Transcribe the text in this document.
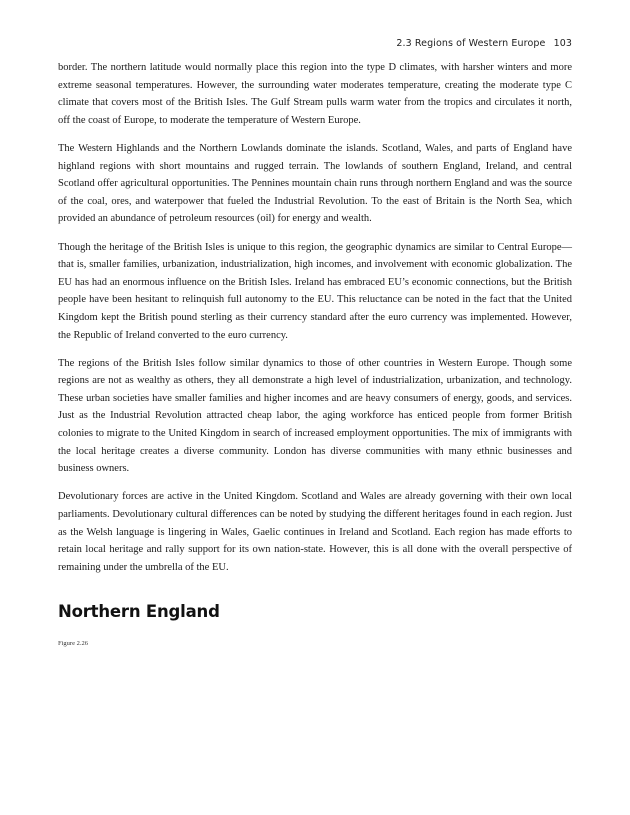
2.3 Regions of Western Europe 103

border. The northern latitude would normally place this region into the type D climates, with harsher winters and more extreme seasonal temperatures. However, the surrounding water moderates temperature, creating the moderate type C climate that covers most of the British Isles. The Gulf Stream pulls warm water from the tropics and circulates it north, off the coast of Europe, to moderate the temperature of Western Europe.

The Western Highlands and the Northern Lowlands dominate the islands. Scotland, Wales, and parts of England have highland regions with short mountains and rugged terrain. The lowlands of southern England, Ireland, and central Scotland offer agricultural opportunities. The Pennines mountain chain runs through northern England and was the source of the coal, ores, and waterpower that fueled the Industrial Revolution. To the east of Britain is the North Sea, which provided an abundance of petroleum resources (oil) for energy and wealth.

Though the heritage of the British Isles is unique to this region, the geographic dynamics are similar to Central Europe—that is, smaller families, urbanization, industrialization, high incomes, and involvement with economic globalization. The EU has had an enormous influence on the British Isles. Ireland has embraced EU’s economic connections, but the British people have been hesitant to relinquish full autonomy to the EU. This reluctance can be noted in the fact that the United Kingdom kept the British pound sterling as their currency standard after the euro currency was implemented. However, the Republic of Ireland converted to the euro currency.

The regions of the British Isles follow similar dynamics to those of other countries in Western Europe. Though some regions are not as wealthy as others, they all demonstrate a high level of industrialization, urbanization, and technology. These urban societies have smaller families and higher incomes and are heavy consumers of energy, goods, and services. Just as the Industrial Revolution attracted cheap labor, the aging workforce has enticed people from former British colonies to migrate to the United Kingdom in search of increased employment opportunities. The mix of immigrants with the local heritage creates a diverse community. London has diverse communities with many ethnic businesses and business owners.

Devolutionary forces are active in the United Kingdom. Scotland and Wales are already governing with their own local parliaments. Devolutionary cultural differences can be noted by studying the different heritages found in each region. Just as the Welsh language is lingering in Wales, Gaelic continues in Ireland and Scotland. Each region has made efforts to retain local heritage and rally support for its own nation-state. However, this is all done with the overall perspective of remaining under the umbrella of the EU.

Northern England
Figure 2.26
